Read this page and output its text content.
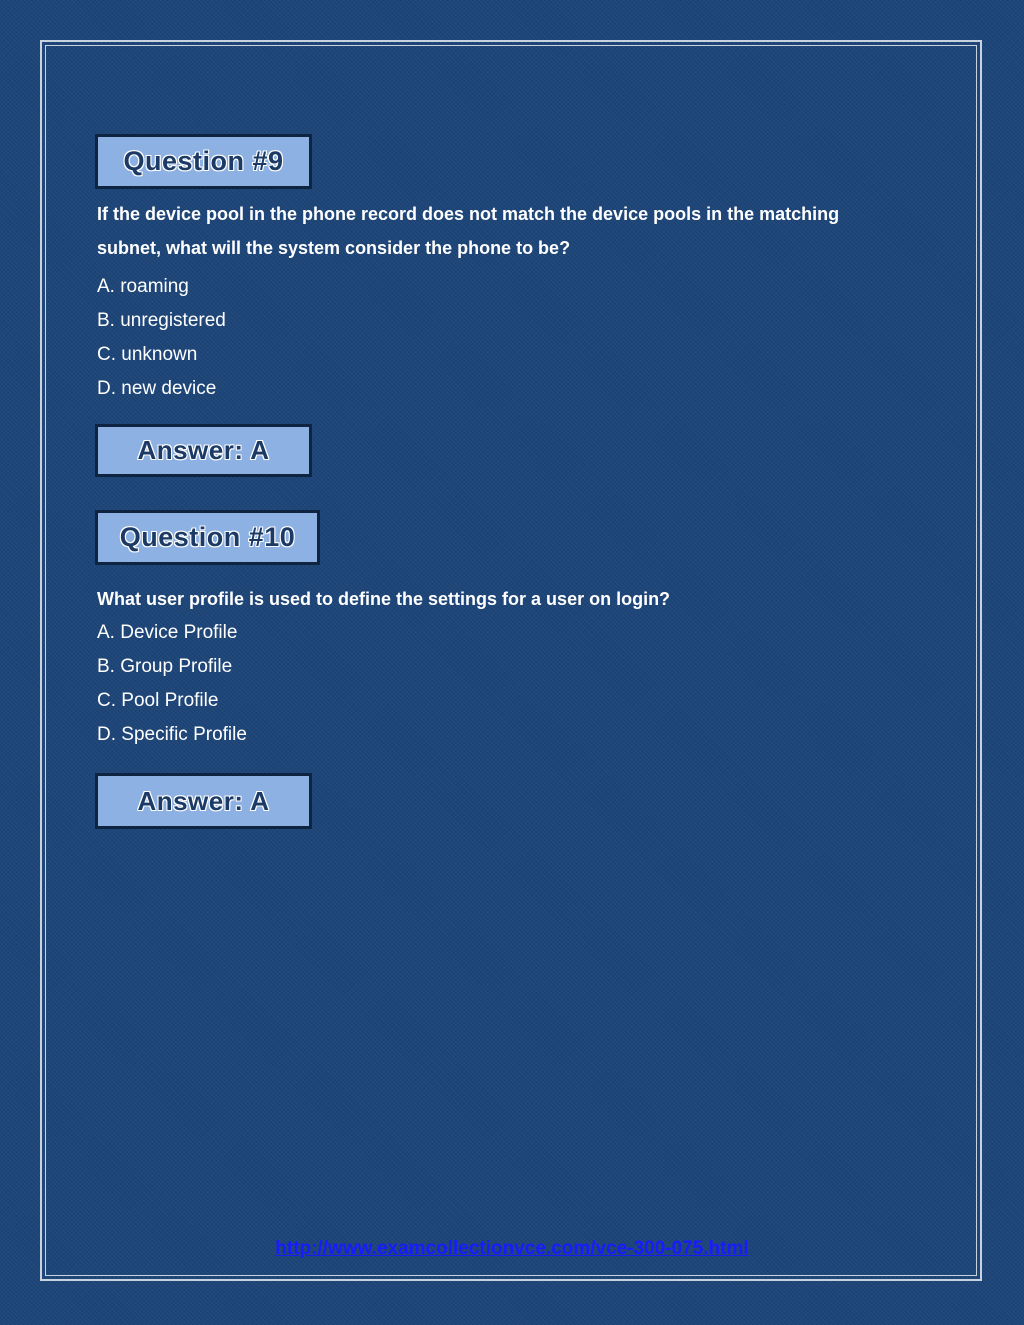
Question #9
If the device pool in the phone record does not match the device pools in the matching subnet, what will the system consider the phone to be?
A. roaming
B. unregistered
C. unknown
D. new device
Answer: A
Question #10
What user profile is used to define the settings for a user on login?
A. Device Profile
B. Group Profile
C. Pool Profile
D. Specific Profile
Answer: A
http://www.examcollectionvce.com/vce-300-075.html
